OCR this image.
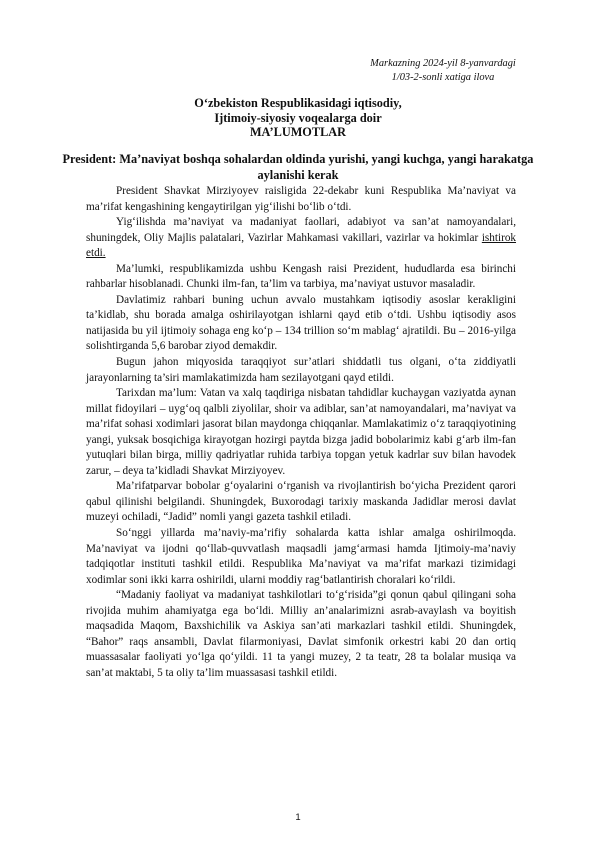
Markazning 2024-yil 8-yanvardagi
1/03-2-sonli xatiga ilova
O‘zbekiston Respublikasidagi iqtisodiy,
Ijtimoiy-siyosiy voqealarga doir
MA’LUMOTLAR
President: Ma’naviyat boshqa sohalardan oldinda yurishi, yangi kuchga, yangi harakatga aylanishi kerak

President Shavkat Mirziyoyev raisligida 22-dekabr kuni Respublika Ma’naviyat va ma’rifat kengashining kengaytirilgan yig‘ilishi bo‘lib o‘tdi.

Yig‘ilishda ma’naviyat va madaniyat faollari, adabiyot va san’at namoyandalari, shuningdek, Oliy Majlis palatalari, Vazirlar Mahkamasi vakillari, vazirlar va hokimlar ishtirok etdi.

Ma’lumki, respublikamizda ushbu Kengash raisi Prezident, hududlarda esa birinchi rahbarlar hisoblanadi. Chunki ilm-fan, ta’lim va tarbiya, ma’naviyat ustuvor masaladir.

Davlatimiz rahbari buning uchun avvalo mustahkam iqtisodiy asoslar kerakligini ta’kidlab, shu borada amalga oshirilayotgan ishlarni qayd etib o‘tdi. Ushbu iqtisodiy asos natijasida bu yil ijtimoiy sohaga eng ko‘p – 134 trillion so‘m mablag‘ ajratildi. Bu – 2016-yilga solishtirganda 5,6 barobar ziyod demakdir.

Bugun jahon miqyosida taraqqiyot sur’atlari shiddatli tus olgani, o‘ta ziddiyatli jarayonlarning ta’siri mamlakatimizda ham sezilayotgani qayd etildi.

Tarixdan ma’lum: Vatan va xalq taqdiriga nisbatan tahdidlar kuchaygan vaziyatda aynan millat fidoyilari – uyg‘oq qalbli ziyolilar, shoir va adiblar, san’at namoyandalari, ma’naviyat va ma’rifat sohasi xodimlari jasorat bilan maydonga chiqqanlar. Mamlakatimiz o‘z taraqqiyotining yangi, yuksak bosqichiga kirayotgan hozirgi paytda bizga jadid bobolarimiz kabi g‘arb ilm-fan yutuqlari bilan birga, milliy qadriyatlar ruhida tarbiya topgan yetuk kadrlar suv bilan havodek zarur, – deya ta’kidladi Shavkat Mirziyoyev.

Ma’rifatparvar bobolar g‘oyalarini o‘rganish va rivojlantirish bo‘yicha Prezident qarori qabul qilinishi belgilandi. Shuningdek, Buxorodagi tarixiy maskanda Jadidlar merosi davlat muzeyi ochiladi, “Jadid” nomli yangi gazeta tashkil etiladi.

So‘nggi yillarda ma’naviy-ma’rifiy sohalarda katta ishlar amalga oshirilmoqda. Ma’naviyat va ijodni qo‘llab-quvvatlash maqsadli jamg‘armasi hamda Ijtimoiy-ma’naviy tadqiqotlar instituti tashkil etildi. Respublika Ma’naviyat va ma’rifat markazi tizimidagi xodimlar soni ikki karra oshirildi, ularni moddiy rag‘batlantirish choralari ko‘rildi.

“Madaniy faoliyat va madaniyat tashkilotlari to‘g‘risida”gi qonun qabul qilingani soha rivojida muhim ahamiyatga ega bo‘ldi. Milliy an’analarimizni asrab-avaylash va boyitish maqsadida Maqom, Baxshichilik va Askiya san’ati markazlari tashkil etildi. Shuningdek, “Bahor” raqs ansambli, Davlat filarmoniyasi, Davlat simfonik orkestri kabi 20 dan ortiq muassasalar faoliyati yo‘lga qo‘yildi. 11 ta yangi muzey, 2 ta teatr, 28 ta bolalar musiqa va san’at maktabi, 5 ta oliy ta’lim muassasasi tashkil etildi.

1
